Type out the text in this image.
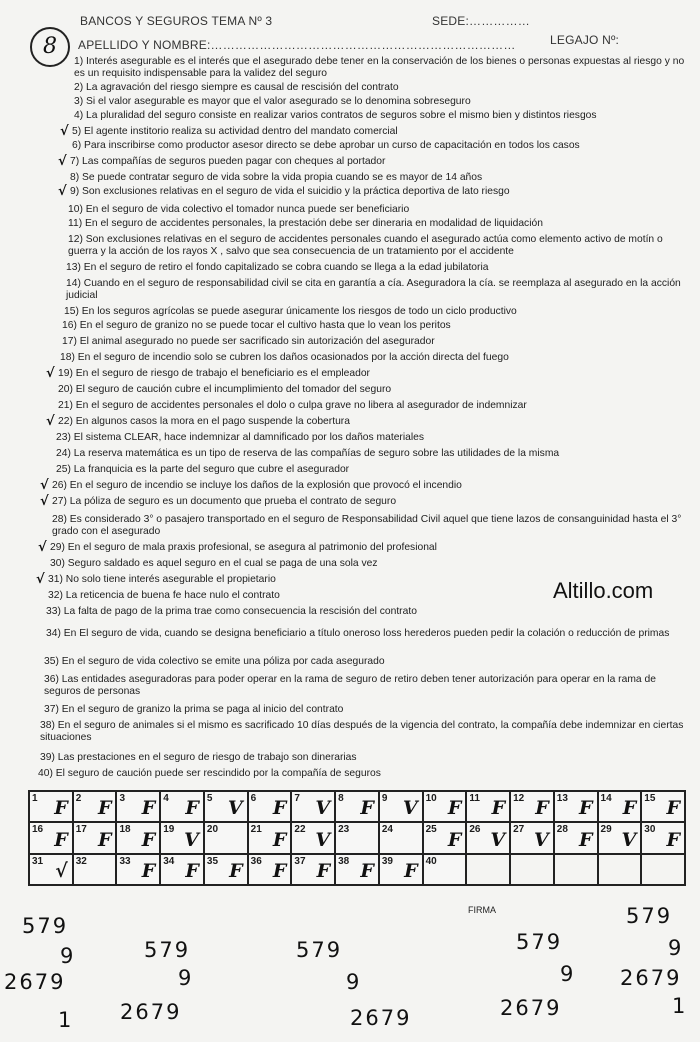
8
BANCOS Y SEGUROS TEMA Nº 3	SEDE:……………
APELLIDO Y NOMBRE:…………………………………………………………………	LEGAJO Nº:
1) Interés asegurable es el interés que el asegurado debe tener en la conservación de los bienes o personas expuestas al riesgo y no es un requisito indispensable para la validez del seguro
2) La agravación del riesgo siempre es causal de rescisión del contrato
3) Si el valor asegurable es mayor que el valor asegurado se lo denomina sobreseguro
4) La pluralidad del seguro consiste en realizar varios contratos de seguros sobre el mismo bien y distintos riesgos
5) El agente institorio realiza su actividad dentro del mandato comercial
√
6) Para inscribirse como productor asesor directo se debe aprobar un curso de capacitación en todos los casos
7) Las compañías de seguros pueden pagar con cheques al portador
√
8) Se puede contratar seguro de vida sobre la vida propia cuando se es mayor de 14 años
9) Son exclusiones relativas en el seguro de vida el suicidio y la práctica deportiva de lato riesgo
√
10) En el seguro de vida colectivo el tomador nunca puede ser beneficiario
11) En el seguro de accidentes personales, la prestación debe ser dineraria en modalidad de liquidación
12) Son exclusiones relativas en el seguro de accidentes personales cuando el asegurado actúa como elemento activo de motín o guerra y la acción de los rayos X , salvo que sea consecuencia de un tratamiento por el accidente
13) En el seguro de retiro el fondo capitalizado se cobra cuando se llega a la edad jubilatoria
14) Cuando en el seguro de responsabilidad civil se cita en garantía a cía. Aseguradora la cía. se reemplaza al asegurado en la acción judicial
15) En los seguros agrícolas se puede asegurar únicamente los riesgos de todo un ciclo productivo
16) En el seguro de granizo no se puede tocar el cultivo hasta que lo vean los peritos
17) El animal asegurado no puede ser sacrificado sin autorización del asegurador
18) En el seguro de incendio solo se cubren los daños ocasionados por la acción directa del fuego
19) En el seguro de riesgo de trabajo el beneficiario es el empleador
√
20) El seguro de caución cubre el incumplimiento del tomador del seguro
21) En el seguro de accidentes personales el dolo o culpa grave no libera al asegurador de indemnizar
22) En algunos casos la mora en el pago suspende la cobertura
√
23) El sistema CLEAR, hace indemnizar al damnificado por los daños materiales
24) La reserva matemática es un tipo de reserva de las compañías de seguro sobre las utilidades de la misma
25) La franquicia es la parte del seguro que cubre el asegurador
26) En el seguro de incendio se incluye los daños de la explosión que provocó el incendio
√
27) La póliza de seguro es un documento que prueba el contrato de seguro
√
28) Es considerado 3° o pasajero transportado en el seguro de Responsabilidad Civil aquel que tiene lazos de consanguinidad hasta el 3° grado con el asegurado
29) En el seguro de mala praxis profesional, se asegura al patrimonio del profesional
√
30) Seguro saldado es aquel seguro en el cual se paga de una sola vez
31) No solo tiene interés asegurable el propietario
√
32) La reticencia de buena fe hace nulo el contrato
33) La falta de pago de la prima trae como consecuencia la rescisión del contrato
34) En El seguro de vida, cuando se designa beneficiario a título oneroso loss herederos pueden pedir la colación o reducción de primas
35) En el seguro de vida colectivo se emite una póliza por cada asegurado
36) Las entidades aseguradoras para poder operar en la rama de seguro de retiro deben tener autorización para operar en la rama de seguros de personas
37) En el seguro de granizo la prima se paga al inicio del contrato
38) En el seguro de animales si el mismo es sacrificado 10 días después de la vigencia del contrato, la compañía debe indemnizar en ciertas situaciones
39) Las prestaciones en el seguro de riesgo de trabajo son dinerarias
40) El seguro de caución puede ser rescindido por la compañía de seguros
Altillo.com
1 F 2 F 3 F 4 F 5 V 6 F 7 V 8 F 9 V 10 F 11 F 12 F 13 F 14 F 15 F
16 F 17 F 18 F 19 V 20	21 F 22 V 23	24	25 F 26 V 27 V 28 F 29 V 30 F
31 √ 32	33 F 34 F 35 F 36 F 37 F 38 F 39 F 40
FIRMA
579
9
2679
1
579
9
2679
579
9
2679
579
9
2679
579
9
2679
1
